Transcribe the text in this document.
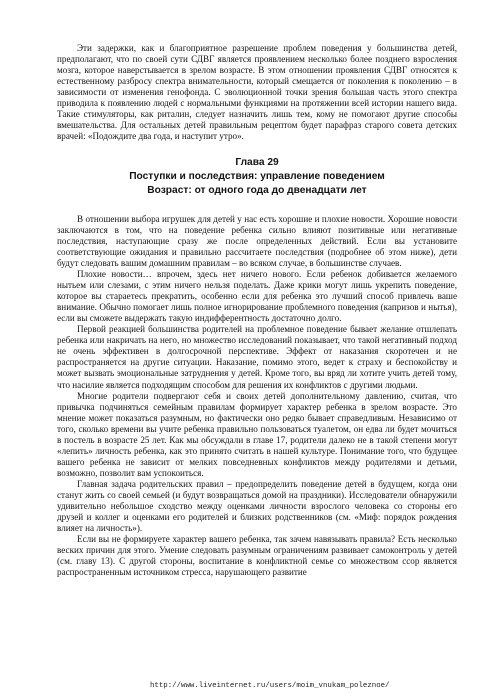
Эти задержки, как и благоприятное разрешение проблем поведения у большинства детей, предполагают, что по своей сути СДВГ является проявлением несколько более позднего взросления мозга, которое наверстывается в зрелом возрасте. В этом отношении проявления СДВГ относятся к естественному разбросу спектра внимательности, который смещается от поколения к поколению – в зависимости от изменения генофонда. С эволюционной точки зрения большая часть этого спектра приводила к появлению людей с нормальными функциями на протяжении всей истории нашего вида. Такие стимуляторы, как риталин, следует назначить лишь тем, кому не помогают другие способы вмешательства. Для остальных детей правильным рецептом будет парафраз старого совета детских врачей: «Подождите два года, и наступит утро».

Глава 29
Поступки и последствия: управление поведением
Возраст: от одного года до двенадцати лет

В отношении выбора игрушек для детей у нас есть хорошие и плохие новости. Хорошие новости заключаются в том, что на поведение ребенка сильно влияют позитивные или негативные последствия, наступающие сразу же после определенных действий. Если вы установите соответствующие ожидания и правильно рассчитаете последствия (подробнее об этом ниже), дети будут следовать вашим домашним правилам – во всяком случае, в большинстве случаев.

Плохие новости… впрочем, здесь нет ничего нового. Если ребенок добивается желаемого нытьем или слезами, с этим ничего нельзя поделать. Даже крики могут лишь укрепить поведение, которое вы стараетесь прекратить, особенно если для ребенка это лучший способ привлечь ваше внимание. Обычно помогает лишь полное игнорирование проблемного поведения (капризов и нытья), если вы сможете выдержать такую индифферентность достаточно долго.

Первой реакцией большинства родителей на проблемное поведение бывает желание отшлепать ребенка или накричать на него, но множество исследований показывает, что такой негативный подход не очень эффективен в долгосрочной перспективе. Эффект от наказания скоротечен и не распространяется на другие ситуации. Наказание, помимо этого, ведет к страху и беспокойству и может вызвать эмоциональные затруднения у детей. Кроме того, вы вряд ли хотите учить детей тому, что насилие является подходящим способом для решения их конфликтов с другими людьми.

Многие родители подвергают себя и своих детей дополнительному давлению, считая, что привычка подчиняться семейным правилам формирует характер ребенка в зрелом возрасте. Это мнение может показаться разумным, но фактически оно редко бывает справедливым. Независимо от того, сколько времени вы учите ребенка правильно пользоваться туалетом, он едва ли будет мочиться в постель в возрасте 25 лет. Как мы обсуждали в главе 17, родители далеко не в такой степени могут «лепить» личность ребенка, как это принято считать в нашей культуре. Понимание того, что будущее вашего ребенка не зависит от мелких повседневных конфликтов между родителями и детьми, возможно, позволит вам успокоиться.

Главная задача родительских правил – предопределить поведение детей в будущем, когда они станут жить со своей семьей (и будут возвращаться домой на праздники). Исследователи обнаружили удивительно небольшое сходство между оценками личности взрослого человека со стороны его друзей и коллег и оценками его родителей и близких родственников (см. «Миф: порядок рождения влияет на личность»).

Если вы не формируете характер вашего ребенка, так зачем навязывать правила? Есть несколько веских причин для этого. Умение следовать разумным ограничениям развивает самоконтроль у детей (см. главу 13). С другой стороны, воспитание в конфликтной семье со множеством ссор является распространенным источником стресса, нарушающего развитие

http://www.liveinternet.ru/users/moim_vnukam_poleznoe/
